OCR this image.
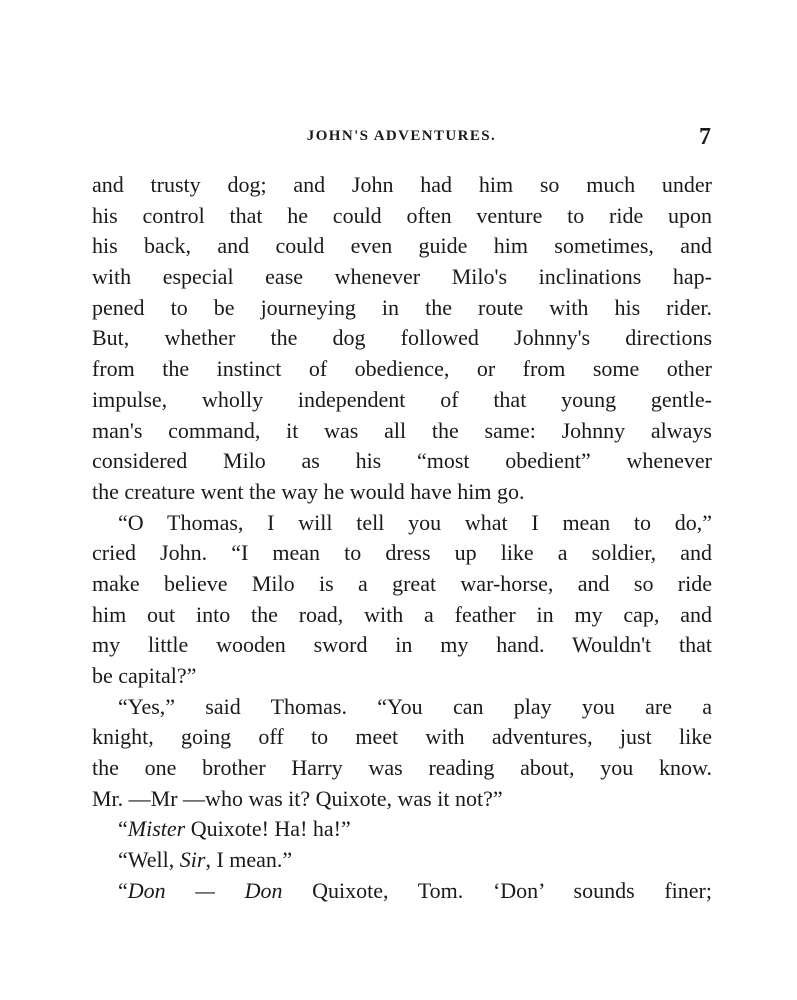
JOHN'S ADVENTURES.	7
and trusty dog; and John had him so much under
his control that he could often venture to ride upon
his back, and could even guide him sometimes, and
with especial ease whenever Milo's inclinations hap-
pened to be journeying in the route with his rider.
But, whether the dog followed Johnny's directions
from the instinct of obedience, or from some other
impulse, wholly independent of that young gentle-
man's command, it was all the same: Johnny always
considered Milo as his “most obedient” whenever
the creature went the way he would have him go.
“O Thomas, I will tell you what I mean to do,”
cried John. “I mean to dress up like a soldier, and
make believe Milo is a great war-horse, and so ride
him out into the road, with a feather in my cap, and
my little wooden sword in my hand. Wouldn't that
be capital?”
“Yes,” said Thomas. “You can play you are a
knight, going off to meet with adventures, just like
the one brother Harry was reading about, you know.
Mr. —Mr —who was it? Quixote, was it not?”
“Mister Quixote! Ha! ha!”
“Well, Sir, I mean.”
“Don — Don Quixote, Tom. ‘Don’ sounds finer;
